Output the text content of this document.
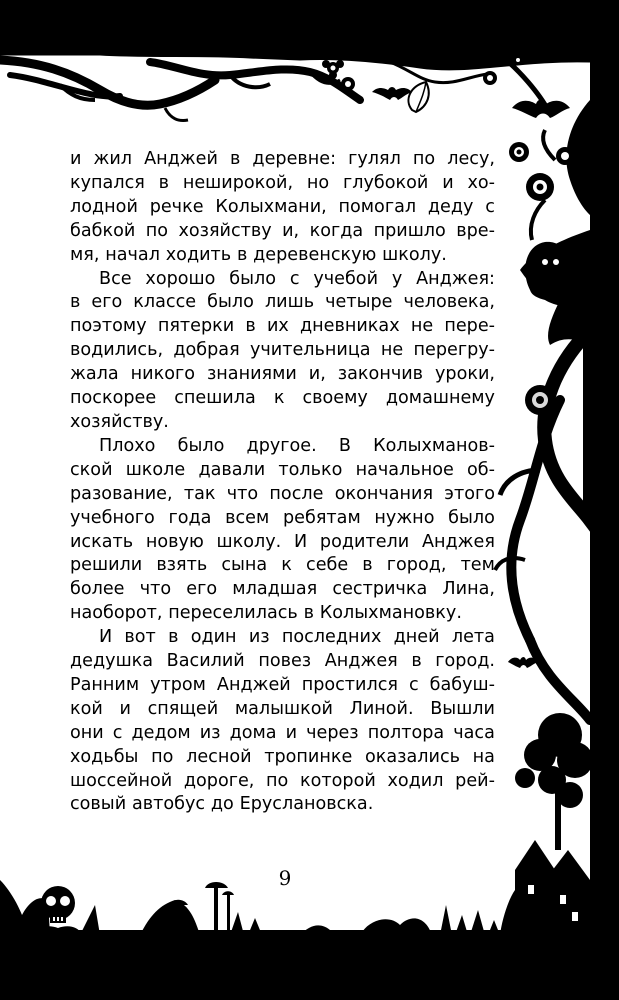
и жил Анджей в деревне: гулял по лесу,
купался в неширокой, но глубокой и хо-
лодной речке Колыхмани, помогал деду с
бабкой по хозяйству и, когда пришло вре-
мя, начал ходить в деревенскую школу.
Все хорошо было с учебой у Анджея:
в его классе было лишь четыре человека,
поэтому пятерки в их дневниках не пере-
водились, добрая учительница не перегру-
жала никого знаниями и, закончив уроки,
поскорее спешила к своему домашнему
хозяйству.
Плохо было другое. В Колыхманов-
ской школе давали только начальное об-
разование, так что после окончания этого
учебного года всем ребятам нужно было
искать новую школу. И родители Анджея
решили взять сына к себе в город, тем
более что его младшая сестричка Лина,
наоборот, переселилась в Колыхмановку.
И вот в один из последних дней лета
дедушка Василий повез Анджея в город.
Ранним утром Анджей простился с бабуш-
кой и спящей малышкой Линой. Вышли
они с дедом из дома и через полтора часа
ходьбы по лесной тропинке оказались на
шоссейной дороге, по которой ходил рей-
совый автобус до Еруслановска.
9
